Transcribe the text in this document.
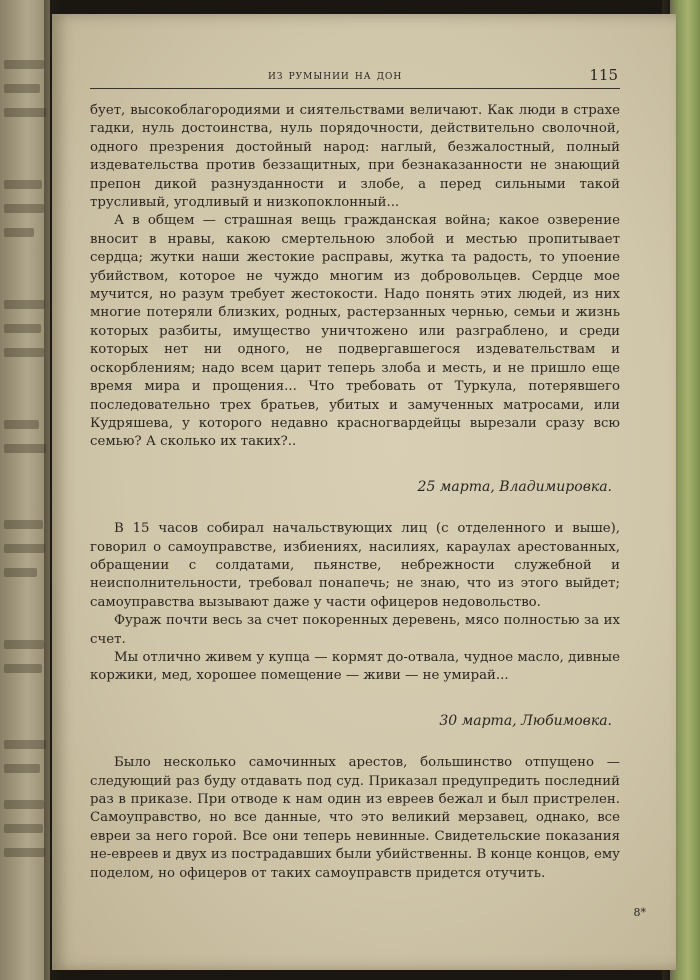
из румынии на дон	115

бует, высокоблагородиями и сиятельствами величают. Как люди в страхе гадки, нуль достоинства, нуль порядочности, действительно сволочной, одного презрения достойный народ: наглый, безжалостный, полный издевательства против беззащитных, при безнаказанности не знающий препон дикой разнузданности и злобе, а перед сильными такой трусливый, угодливый и низкопоклонный...

А в общем — страшная вещь гражданская война; какое озверение вносит в нравы, какою смертельною злобой и местью пропитывает сердца; жутки наши жестокие расправы, жутка та радость, то упоение убийством, которое не чуждо многим из добровольцев. Сердце мое мучится, но разум требует жестокости. Надо понять этих людей, из них многие потеряли близких, родных, растерзанных чернью, семьи и жизнь которых разбиты, имущество уничтожено или разграблено, и среди которых нет ни одного, не подвергавшегося издевательствам и оскорблениям; надо всем царит теперь злоба и месть, и не пришло еще время мира и прощения... Что требовать от Туркула, потерявшего последовательно трех братьев, убитых и замученных матросами, или Кудряшева, у которого недавно красногвардейцы вырезали сразу всю семью? А сколько их таких?..

25 марта, Владимировка.

В 15 часов собирал начальствующих лиц (с отделенного и выше), говорил о самоуправстве, избиениях, насилиях, караулах арестованных, обращении с солдатами, пьянстве, небрежности служебной и неисполнительности, требовал понапечь; не знаю, что из этого выйдет; самоуправства вызывают даже у части офицеров недовольство.

Фураж почти весь за счет покоренных деревень, мясо полностью за их счет.

Мы отлично живем у купца — кормят до-отвала, чудное масло, дивные коржики, мед, хорошее помещение — живи — не умирай...

30 марта, Любимовка.

Было несколько самочинных арестов, большинство отпущено — следующий раз буду отдавать под суд. Приказал предупредить последний раз в приказе. При отводе к нам один из евреев бежал и был пристрелен. Самоуправство, но все данные, что это великий мерзавец, однако, все евреи за него горой. Все они теперь невинные. Свидетельские показания не-евреев и двух из пострадавших были убийственны. В конце концов, ему поделом, но офицеров от таких самоуправств придется отучить.

8*
